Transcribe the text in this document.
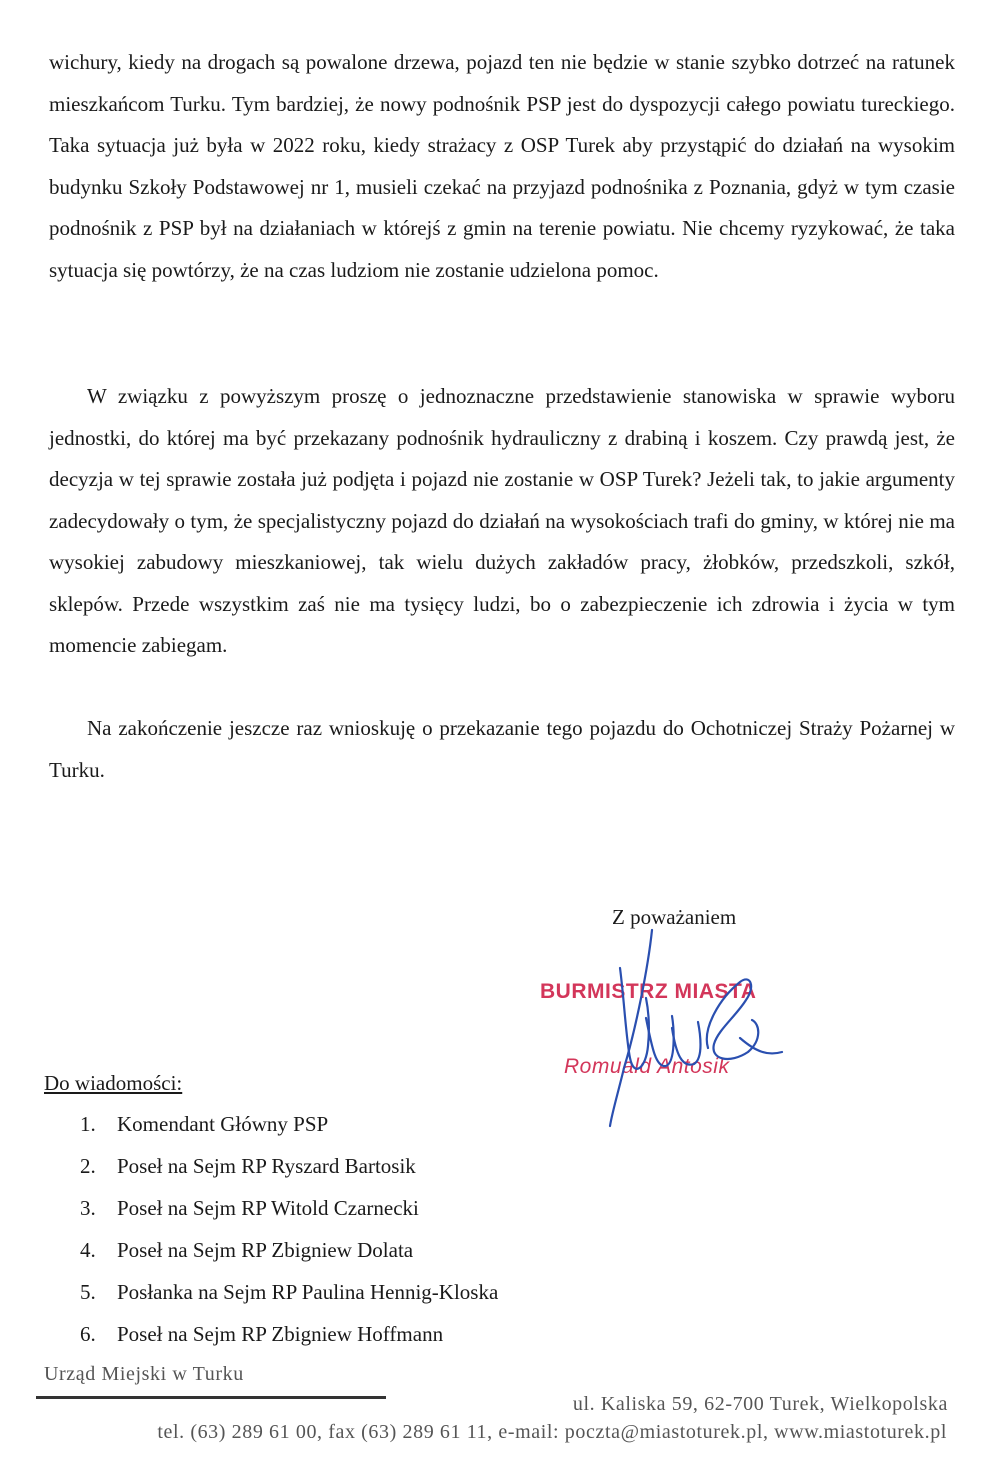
wichury, kiedy na drogach są powalone drzewa, pojazd ten nie będzie w stanie szybko dotrzeć na ratunek mieszkańcom Turku. Tym bardziej, że nowy podnośnik PSP jest do dyspozycji całego powiatu tureckiego. Taka sytuacja już była w 2022 roku, kiedy strażacy z OSP Turek aby przystąpić do działań na wysokim budynku Szkoły Podstawowej nr 1, musieli czekać na przyjazd podnośnika z Poznania, gdyż w tym czasie podnośnik z PSP był na działaniach w którejś z gmin na terenie powiatu. Nie chcemy ryzykować, że taka sytuacja się powtórzy, że na czas ludziom nie zostanie udzielona pomoc.

W związku z powyższym proszę o jednoznaczne przedstawienie stanowiska w sprawie wyboru jednostki, do której ma być przekazany podnośnik hydrauliczny z drabiną i koszem. Czy prawdą jest, że decyzja w tej sprawie została już podjęta i pojazd nie zostanie w OSP Turek? Jeżeli tak, to jakie argumenty zadecydowały o tym, że specjalistyczny pojazd do działań na wysokościach trafi do gminy, w której nie ma wysokiej zabudowy mieszkaniowej, tak wielu dużych zakładów pracy, żłobków, przedszkoli, szkół, sklepów. Przede wszystkim zaś nie ma tysięcy ludzi, bo o zabezpieczenie ich zdrowia i życia w tym momencie zabiegam.

Na zakończenie jeszcze raz wnioskuję o przekazanie tego pojazdu do Ochotniczej Straży Pożarnej w Turku.

Z poważaniem
BURMISTRZ MIASTA
Romuald Antosik
Do wiadomości:
1. Komendant Główny PSP
2. Poseł na Sejm RP Ryszard Bartosik
3. Poseł na Sejm RP Witold Czarnecki
4. Poseł na Sejm RP Zbigniew Dolata
5. Posłanka na Sejm RP Paulina Hennig-Kloska
6. Poseł na Sejm RP Zbigniew Hoffmann
Urząd Miejski w Turku
ul. Kaliska 59, 62-700 Turek, Wielkopolska
tel. (63) 289 61 00, fax (63) 289 61 11, e-mail: poczta@miastoturek.pl, www.miastoturek.pl
